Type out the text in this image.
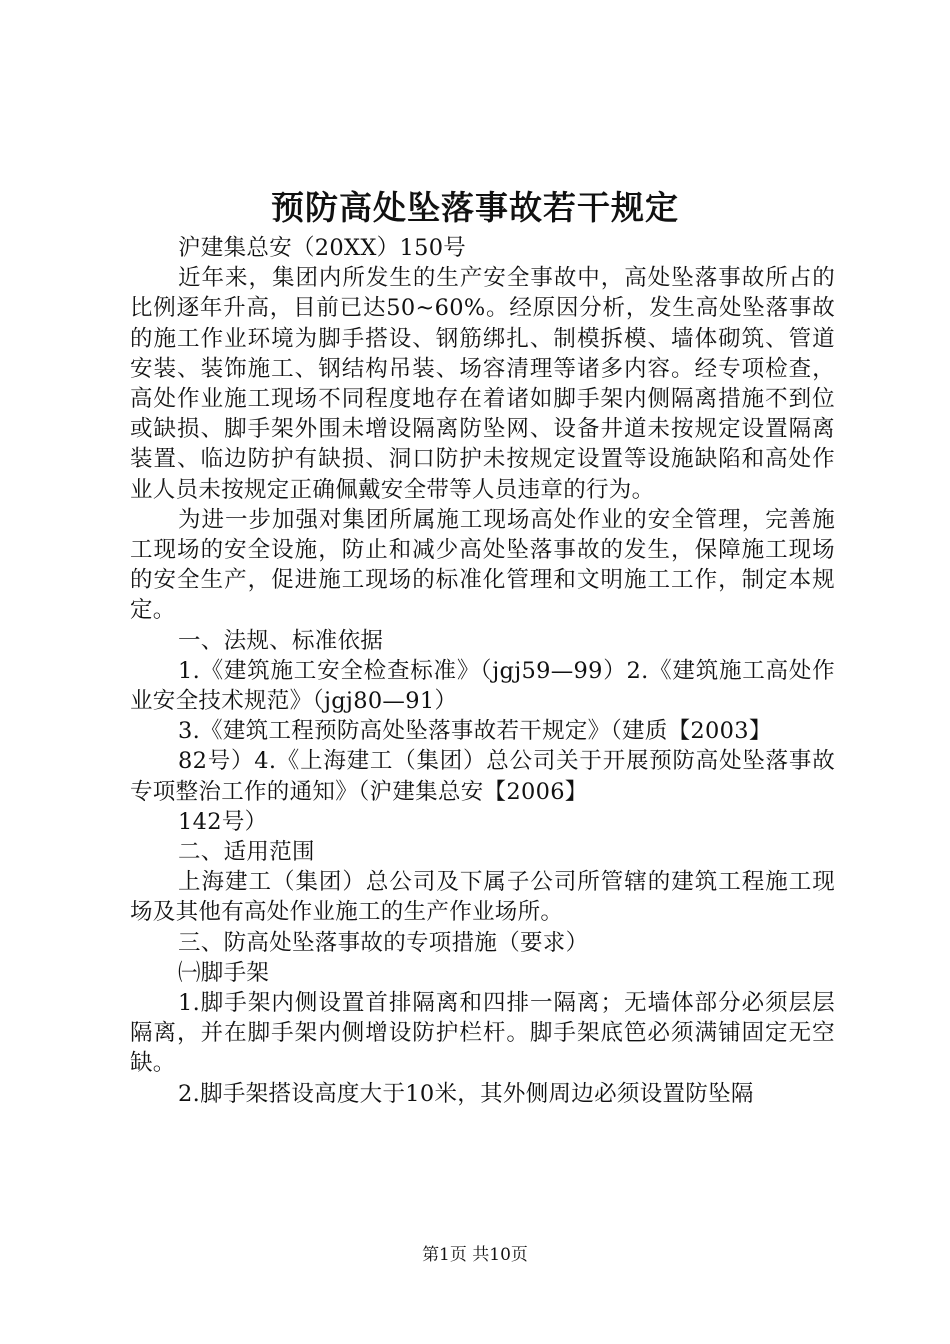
预防高处坠落事故若干规定

沪建集总安（20XX）150号

近年来，集团内所发生的生产安全事故中，高处坠落事故所占的比例逐年升高，目前已达50~60%。经原因分析，发生高处坠落事故的施工作业环境为脚手搭设、钢筋绑扎、制模拆模、墙体砌筑、管道安装、装饰施工、钢结构吊装、场容清理等诸多内容。经专项检查，高处作业施工现场不同程度地存在着诸如脚手架内侧隔离措施不到位或缺损、脚手架外围未增设隔离防坠网、设备井道未按规定设置隔离装置、临边防护有缺损、洞口防护未按规定设置等设施缺陷和高处作业人员未按规定正确佩戴安全带等人员违章的行为。

为进一步加强对集团所属施工现场高处作业的安全管理，完善施工现场的安全设施，防止和减少高处坠落事故的发生，保障施工现场的安全生产，促进施工现场的标准化管理和文明施工工作，制定本规定。

一、法规、标准依据

1.《建筑施工安全检查标准》（jgj59—99）2.《建筑施工高处作业安全技术规范》（jgj80—91）

3.《建筑工程预防高处坠落事故若干规定》（建质【2003】

82号）4.《上海建工（集团）总公司关于开展预防高处坠落事故专项整治工作的通知》（沪建集总安【2006】

142号）

二、适用范围

上海建工（集团）总公司及下属子公司所管辖的建筑工程施工现场及其他有高处作业施工的生产作业场所。

三、防高处坠落事故的专项措施（要求）

㈠脚手架

1.脚手架内侧设置首排隔离和四排一隔离；无墙体部分必须层层隔离，并在脚手架内侧增设防护栏杆。脚手架底笆必须满铺固定无空缺。

2.脚手架搭设高度大于10米，其外侧周边必须设置防坠隔

第1页 共10页
